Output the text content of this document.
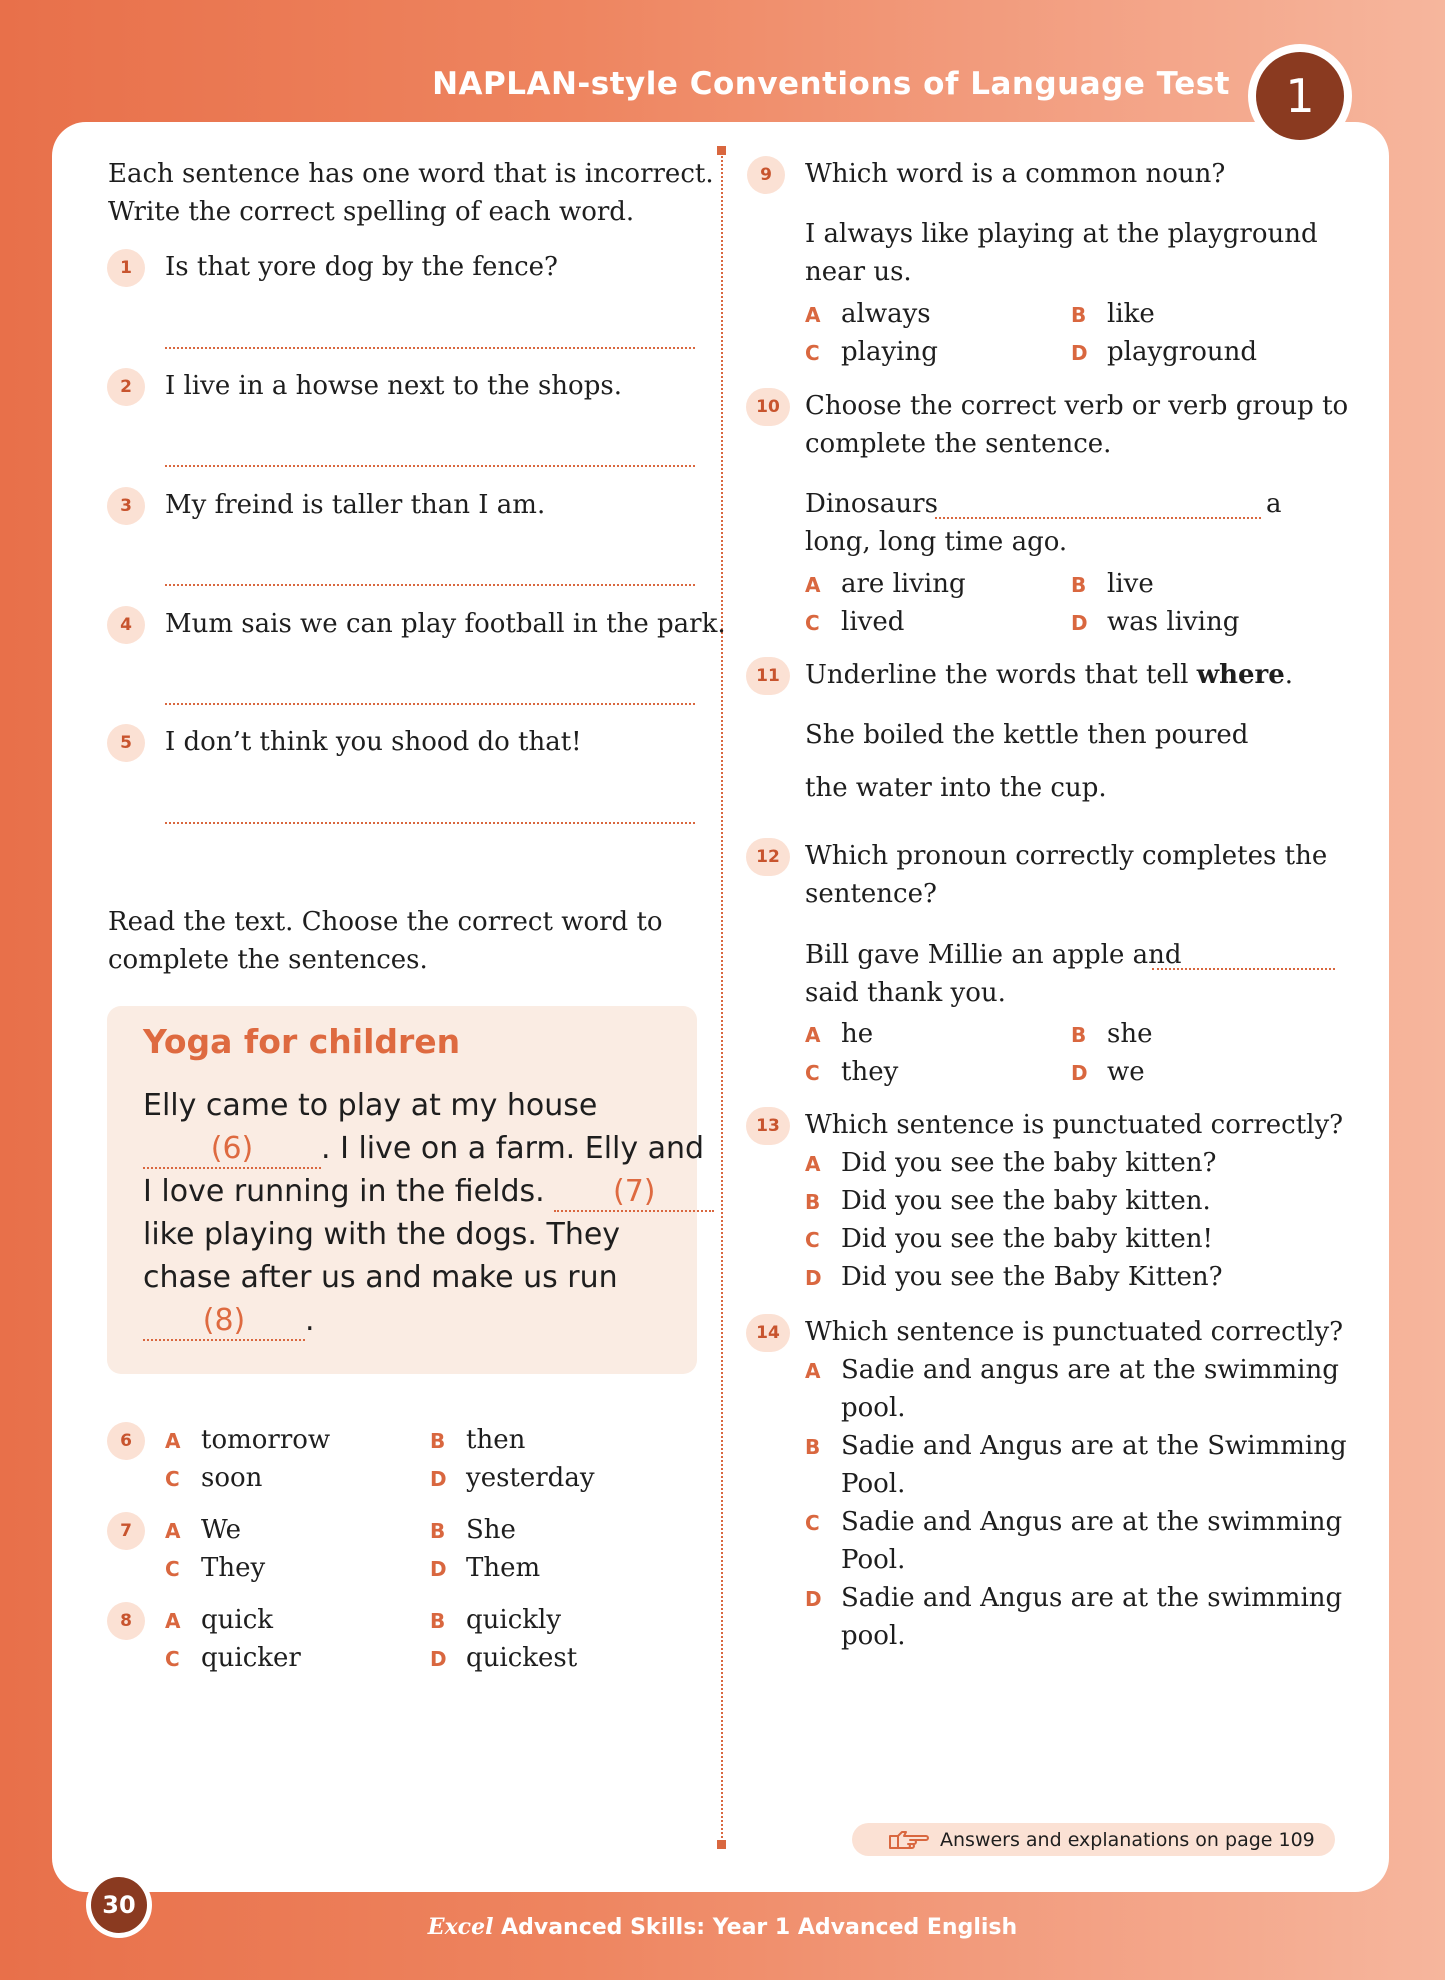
NAPLAN-style Conventions of Language Test	1
Each sentence has one word that is incorrect.
Write the correct spelling of each word.
1	Is that yore dog by the fence?
2	I live in a howse next to the shops.
3	My freind is taller than I am.
4	Mum sais we can play football in the park.
5	I don’t think you shood do that!
Read the text. Choose the correct word to
complete the sentences.
Yoga for children
Elly came to play at my house
(6) . I live on a farm. Elly and
I love running in the fields. (7)
like playing with the dogs. They
chase after us and make us run
(8) .
6	A tomorrow	B then
C soon	D yesterday
7	A We	B She
C They	D Them
8	A quick	B quickly
C quicker	D quickest
9	Which word is a common noun?
I always like playing at the playground
near us.
A always	B like
C playing	D playground
10 Choose the correct verb or verb group to
complete the sentence.
Dinosaurs	a
long, long time ago.
A are living	B live
C lived	D was living
11 Underline the words that tell where.
She boiled the kettle then poured
the water into the cup.
12 Which pronoun correctly completes the
sentence?
Bill gave Millie an apple and
said thank you.
A he	B she
C they	D we
13 Which sentence is punctuated correctly?
A Did you see the baby kitten?
B Did you see the baby kitten.
C Did you see the baby kitten!
D Did you see the Baby Kitten?
14 Which sentence is punctuated correctly?
A Sadie and angus are at the swimming
pool.
B Sadie and Angus are at the Swimming
Pool.
C Sadie and Angus are at the swimming
Pool.
D Sadie and Angus are at the swimming
pool.
Answers and explanations on page 109
30
Excel Advanced Skills: Year 1 Advanced English
